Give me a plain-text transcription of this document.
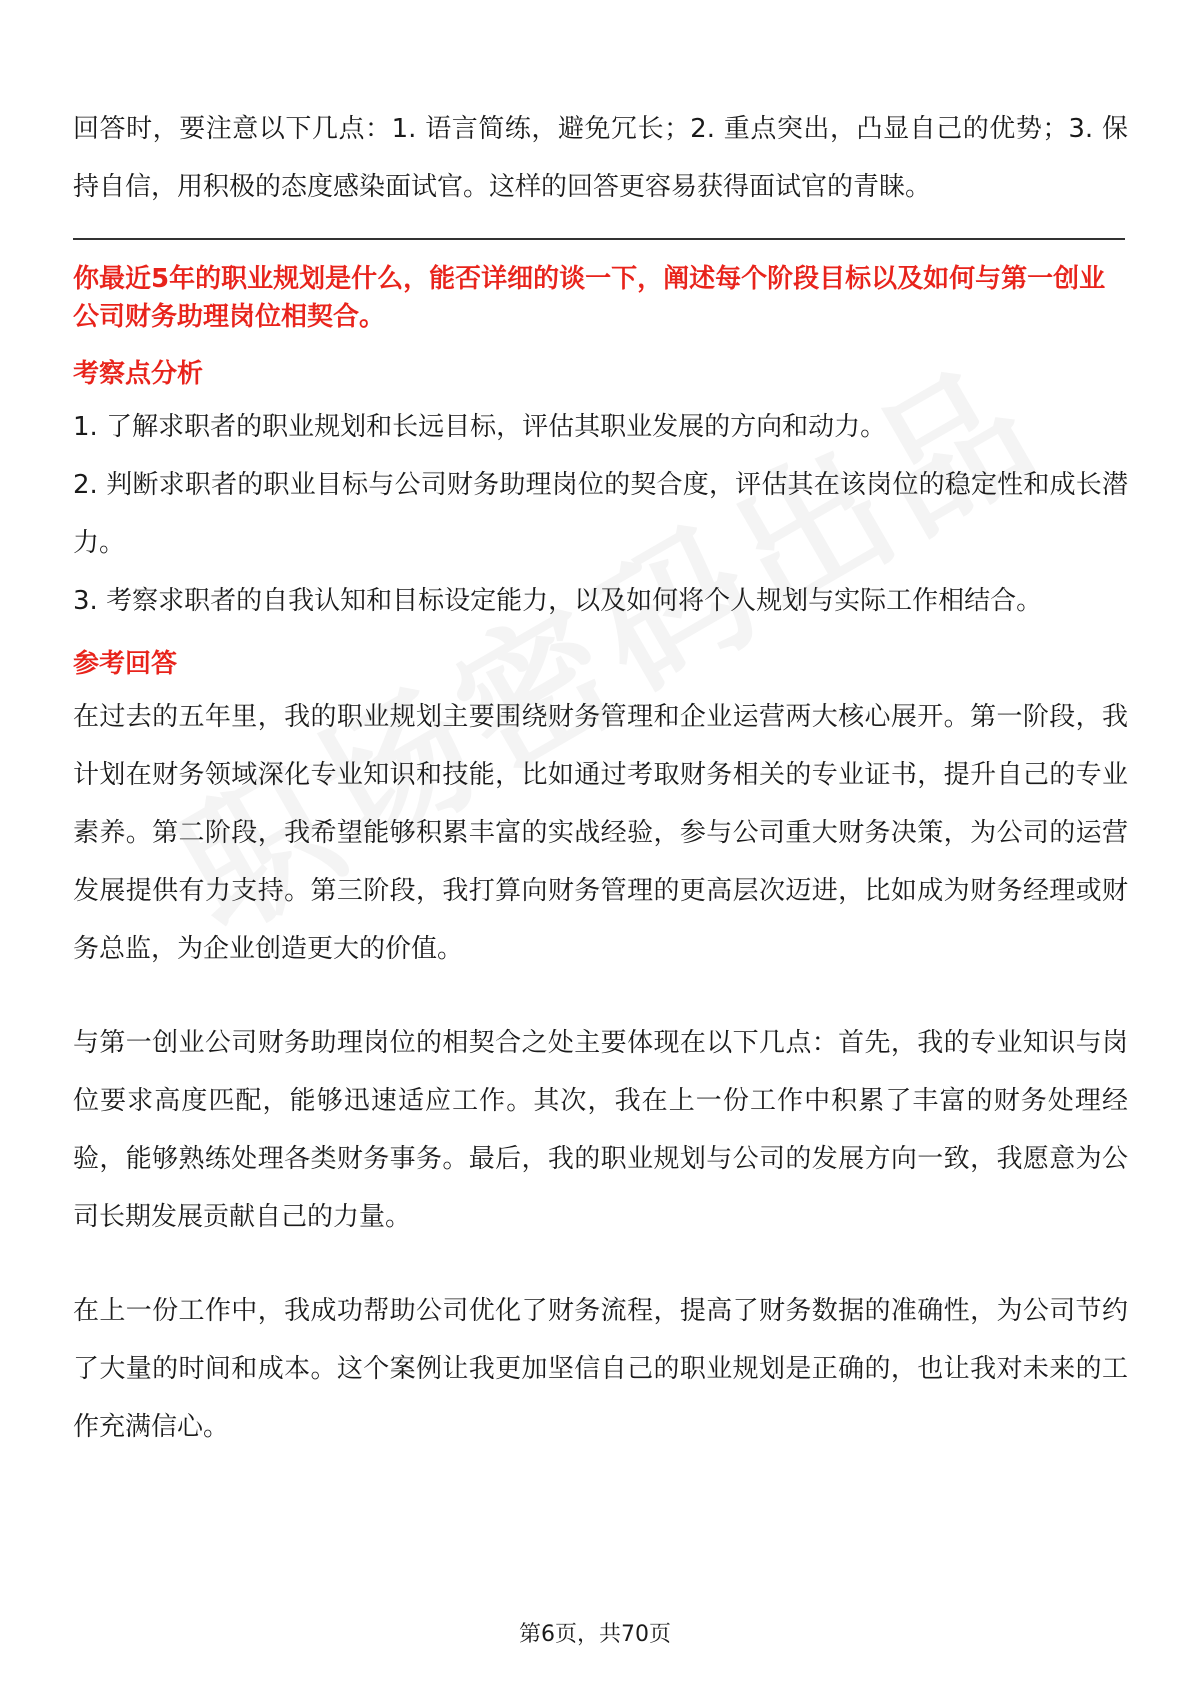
回答时，要注意以下几点：1. 语言简练，避免冗长；2. 重点突出，凸显自己的优势；3. 保持自信，用积极的态度感染面试官。这样的回答更容易获得面试官的青睐。

你最近5年的职业规划是什么，能否详细的谈一下，阐述每个阶段目标以及如何与第一创业公司财务助理岗位相契合。

考察点分析

1. 了解求职者的职业规划和长远目标，评估其职业发展的方向和动力。

2. 判断求职者的职业目标与公司财务助理岗位的契合度，评估其在该岗位的稳定性和成长潜力。

3. 考察求职者的自我认知和目标设定能力，以及如何将个人规划与实际工作相结合。

参考回答

在过去的五年里，我的职业规划主要围绕财务管理和企业运营两大核心展开。第一阶段，我计划在财务领域深化专业知识和技能，比如通过考取财务相关的专业证书，提升自己的专业素养。第二阶段，我希望能够积累丰富的实战经验，参与公司重大财务决策，为公司的运营发展提供有力支持。第三阶段，我打算向财务管理的更高层次迈进，比如成为财务经理或财务总监，为企业创造更大的价值。

与第一创业公司财务助理岗位的相契合之处主要体现在以下几点：首先，我的专业知识与岗位要求高度匹配，能够迅速适应工作。其次，我在上一份工作中积累了丰富的财务处理经验，能够熟练处理各类财务事务。最后，我的职业规划与公司的发展方向一致，我愿意为公司长期发展贡献自己的力量。

在上一份工作中，我成功帮助公司优化了财务流程，提高了财务数据的准确性，为公司节约了大量的时间和成本。这个案例让我更加坚信自己的职业规划是正确的，也让我对未来的工作充满信心。

第6页，共70页
